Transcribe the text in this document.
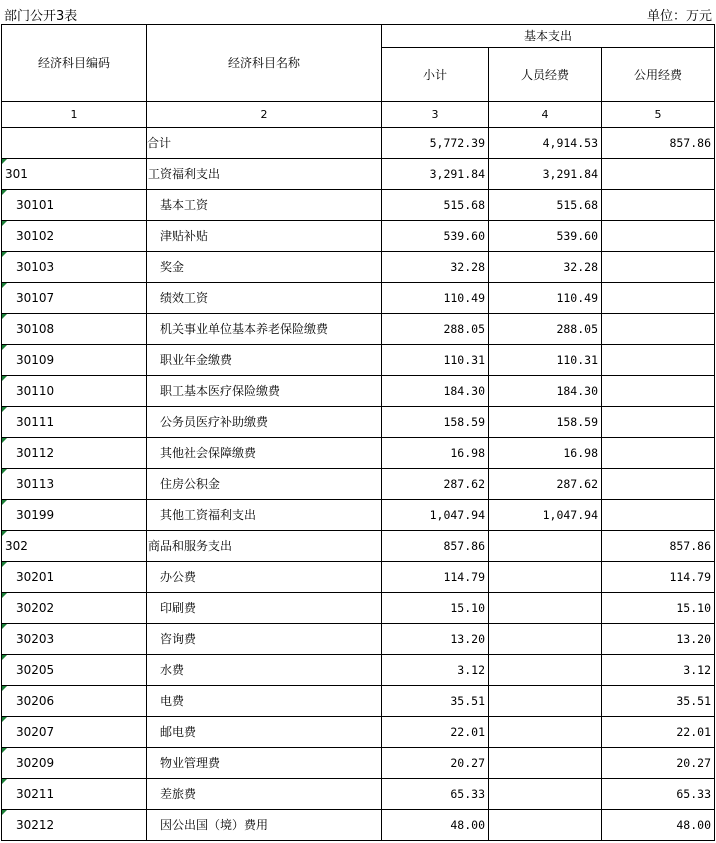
部门公开3表	单位：万元
经济科目编码	经济科目名称	基本支出		
		小计	人员经费	公用经费
1	2	3	4	5
	合计	5,772.39	4,914.53	857.86

301	工资福利支出	3,291.84	3,291.84	

30101	基本工资	515.68	515.68	

30102	津贴补贴	539.60	539.60	

30103	奖金	32.28	32.28	

30107	绩效工资	110.49	110.49	

30108	机关事业单位基本养老保险缴费	288.05	288.05	

30109	职业年金缴费	110.31	110.31	

30110	职工基本医疗保险缴费	184.30	184.30	

30111	公务员医疗补助缴费	158.59	158.59	

30112	其他社会保障缴费	16.98	16.98	

30113	住房公积金	287.62	287.62	

30199	其他工资福利支出	1,047.94	1,047.94	

302	商品和服务支出	857.86		857.86

30201	办公费	114.79		114.79

30202	印刷费	15.10		15.10

30203	咨询费	13.20		13.20

30205	水费	3.12		3.12

30206	电费	35.51		35.51

30207	邮电费	22.01		22.01

30209	物业管理费	20.27		20.27

30211	差旅费	65.33		65.33

30212	因公出国（境）费用	48.00		48.00
